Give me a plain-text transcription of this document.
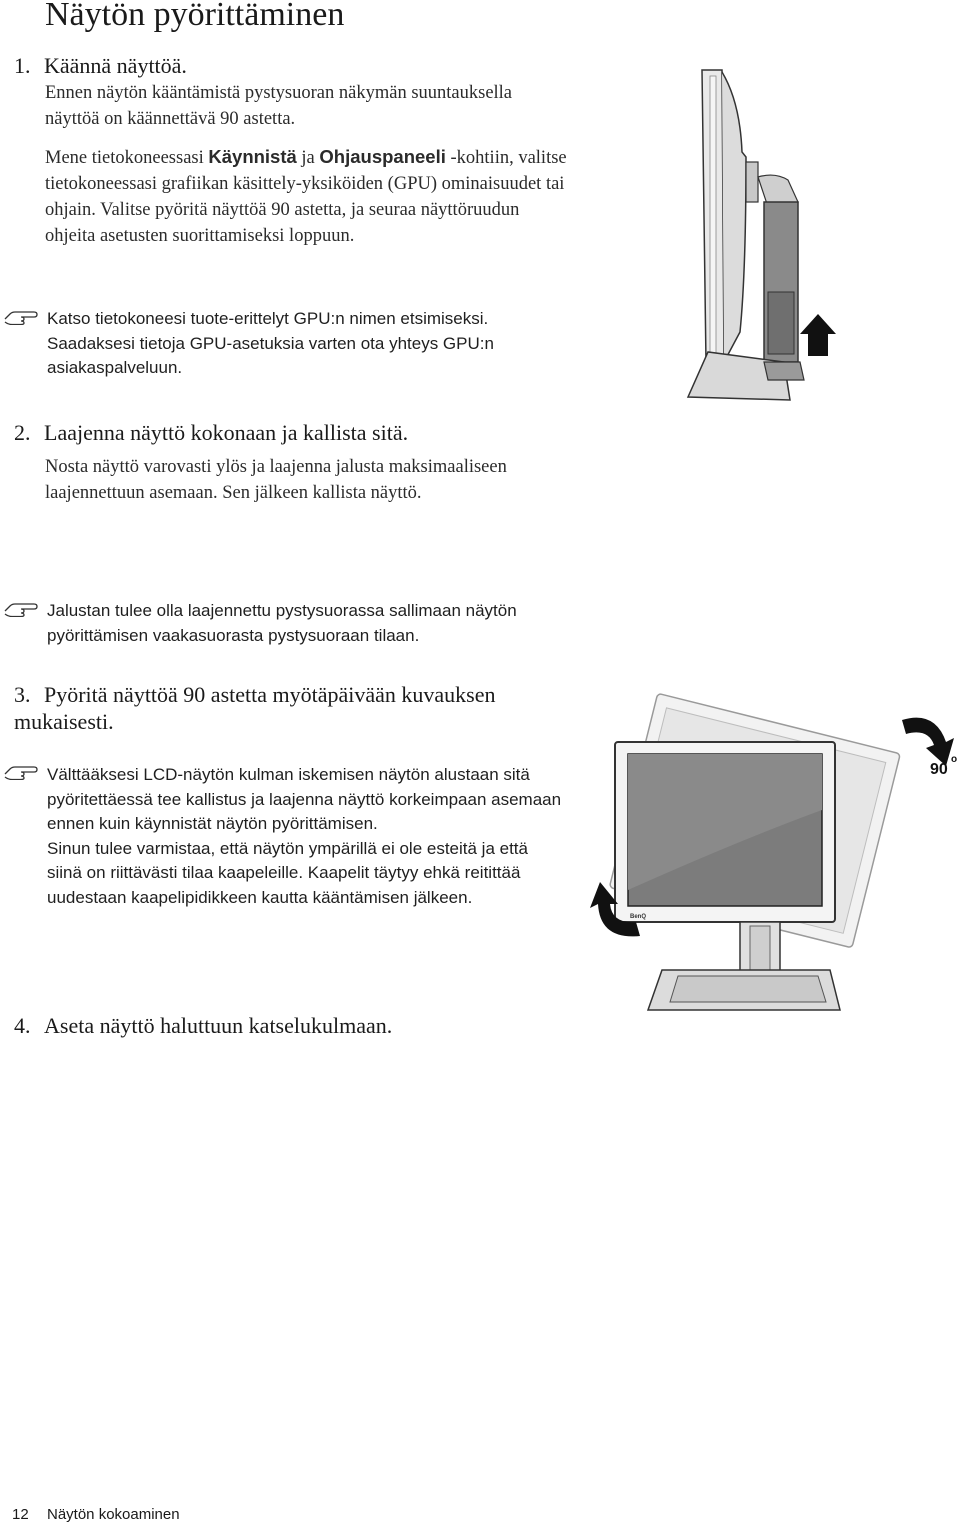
Näytön pyörittäminen
1. Käännä näyttöä.
Ennen näytön kääntämistä pystysuoran näkymän suuntauksella näyttöä on käännettävä 90 astetta.
Mene tietokoneessasi Käynnistä ja Ohjauspaneeli -kohtiin, valitse tietokoneessasi grafiikan käsittely-yksiköiden (GPU) ominaisuudet tai ohjain. Valitse pyöritä näyttöä 90 astetta, ja seuraa näyttöruudun ohjeita asetusten suorittamiseksi loppuun.
Katso tietokoneesi tuote-erittelyt GPU:n nimen etsimiseksi. Saadaksesi tietoja GPU-asetuksia varten ota yhteys GPU:n asiakaspalveluun.
2. Laajenna näyttö kokonaan ja kallista sitä.
Nosta näyttö varovasti ylös ja laajenna jalusta maksimaaliseen laajennettuun asemaan. Sen jälkeen kallista näyttö.
Jalustan tulee olla laajennettu pystysuorassa sallimaan näytön pyörittämisen vaakasuorasta pystysuoraan tilaan.
3. Pyöritä näyttöä 90 astetta myötäpäivään kuvauksen mukaisesti.

Välttääksesi LCD-näytön kulman iskemisen näytön alustaan sitä pyöritettäessä tee kallistus ja laajenna näyttö korkeimpaan asemaan ennen kuin käynnistät näytön pyörittämisen.

Sinun tulee varmistaa, että näytön ympärillä ei ole esteitä ja että siinä on riittävästi tilaa kaapeleille. Kaapelit täytyy ehkä reitittää uudestaan kaapelipidikkeen kautta kääntämisen jälkeen.

BenQ
90
o
4. Aseta näyttö haluttuun katselukulmaan.
12 Näytön kokoaminen
